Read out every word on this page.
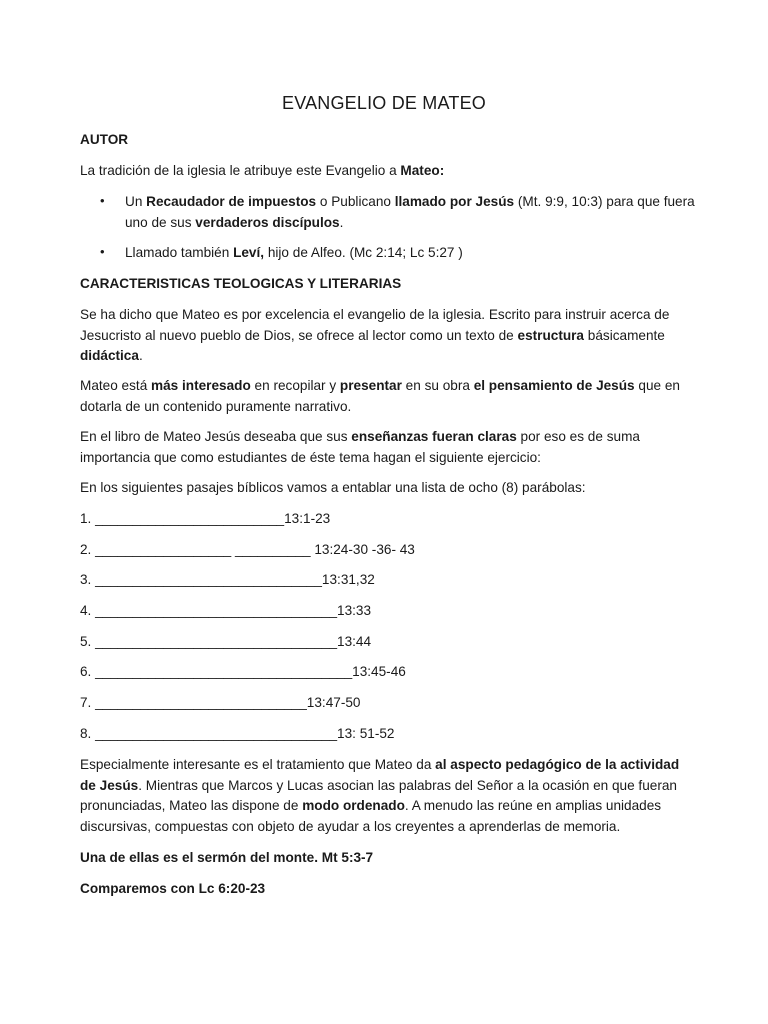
EVANGELIO DE MATEO
AUTOR
La tradición de la iglesia le atribuye este Evangelio a Mateo:
• Un Recaudador de impuestos o Publicano llamado por Jesús (Mt. 9:9, 10:3) para que fuera uno de sus verdaderos discípulos.
• Llamado también Leví, hijo de Alfeo. (Mc 2:14; Lc 5:27 )
CARACTERISTICAS TEOLOGICAS Y LITERARIAS
Se ha dicho que Mateo es por excelencia el evangelio de la iglesia. Escrito para instruir acerca de Jesucristo al nuevo pueblo de Dios, se ofrece al lector como un texto de estructura básicamente didáctica.
Mateo está más interesado en recopilar y presentar en su obra el pensamiento de Jesús que en dotarla de un contenido puramente narrativo.
En el libro de Mateo Jesús deseaba que sus enseñanzas fueran claras por eso es de suma importancia que como estudiantes de éste tema hagan el siguiente ejercicio:
En los siguientes pasajes bíblicos vamos a entablar una lista de ocho (8) parábolas:
1. _________________________13:1-23
2. __________________ __________ 13:24-30 -36- 43
3. ______________________________13:31,32
4. ________________________________13:33
5. ________________________________13:44
6. __________________________________13:45-46
7. ____________________________13:47-50
8. ________________________________13: 51-52
Especialmente interesante es el tratamiento que Mateo da al aspecto pedagógico de la actividad de Jesús. Mientras que Marcos y Lucas asocian las palabras del Señor a la ocasión en que fueran pronunciadas, Mateo las dispone de modo ordenado. A menudo las reúne en amplias unidades discursivas, compuestas con objeto de ayudar a los creyentes a aprenderlas de memoria.
Una de ellas es el sermón del monte. Mt 5:3-7
Comparemos con Lc 6:20-23
